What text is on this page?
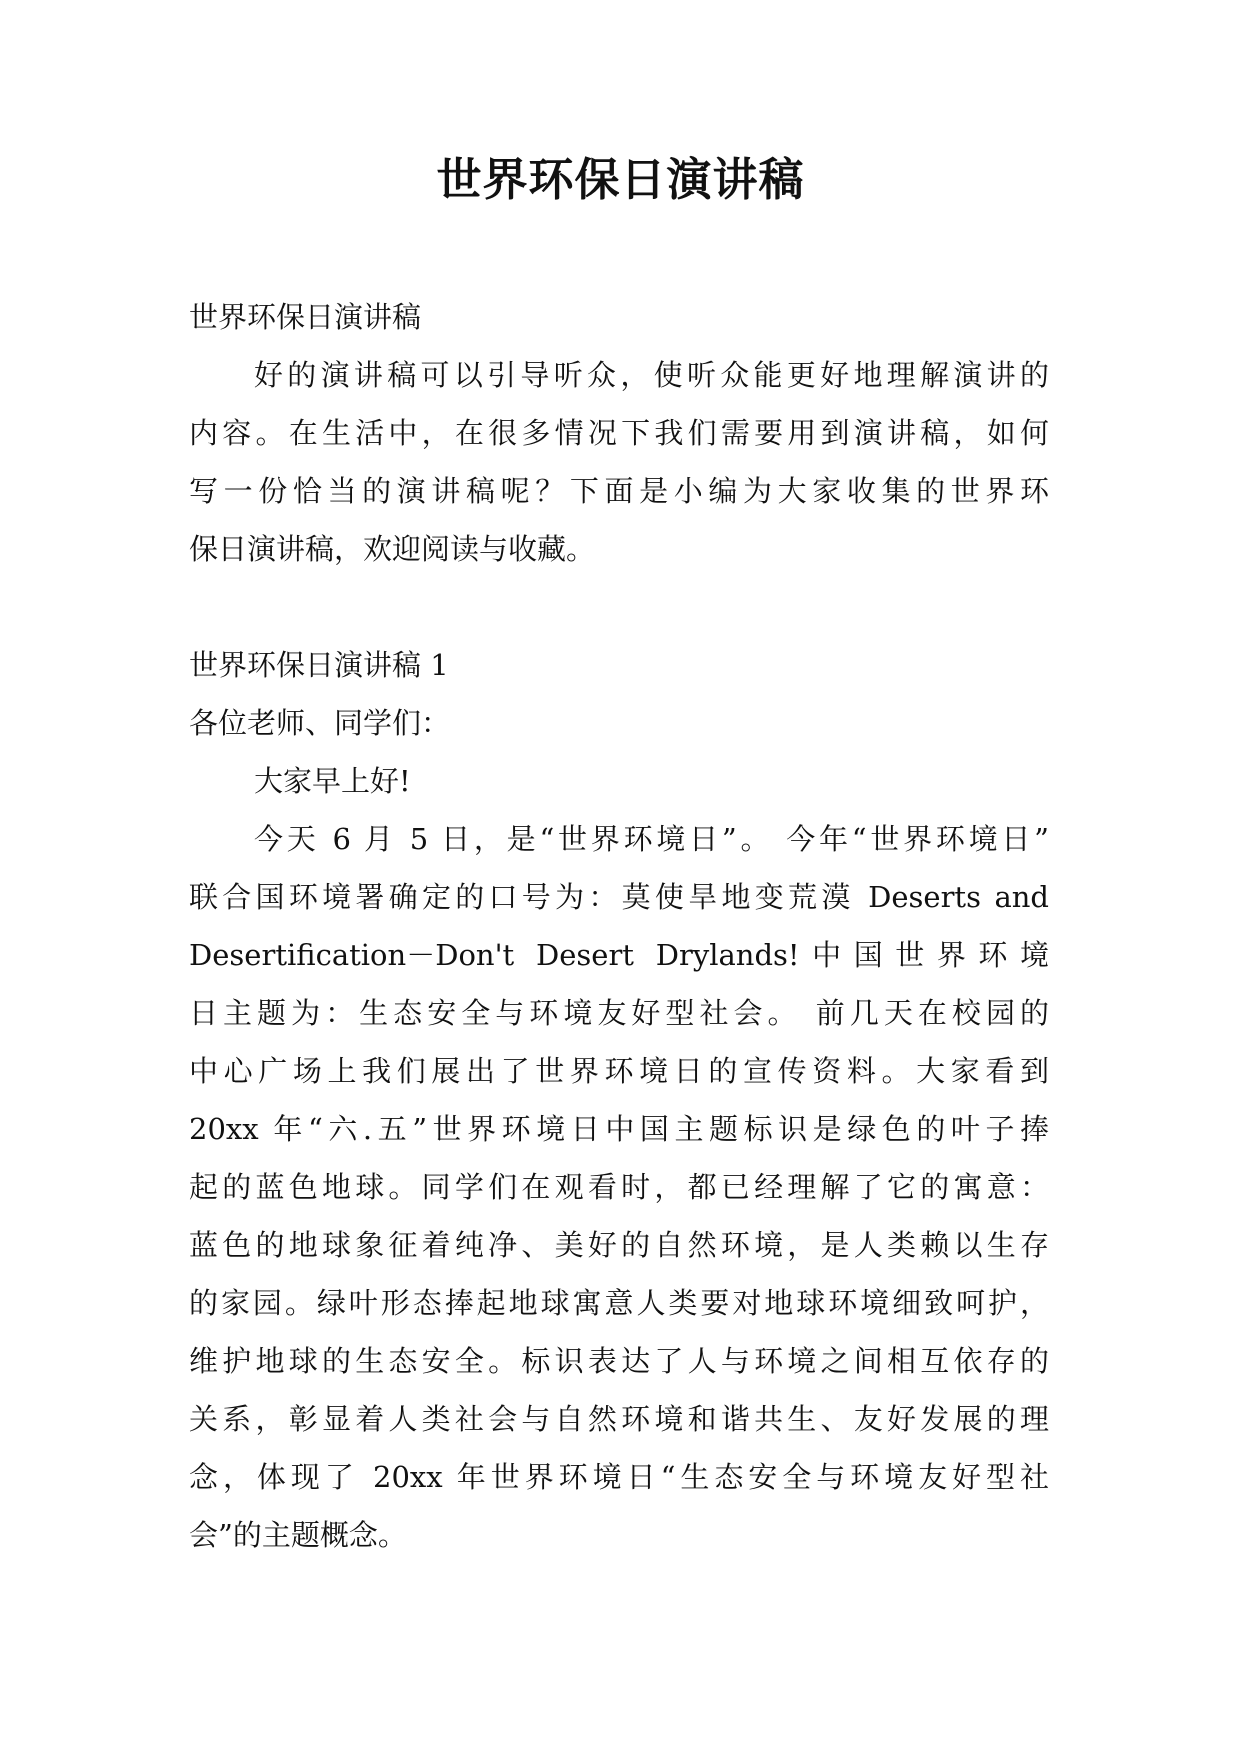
世界环保日演讲稿
世界环保日演讲稿
好的演讲稿可以引导听众，使听众能更好地理解演讲的
内容。在生活中，在很多情况下我们需要用到演讲稿，如何
写一份恰当的演讲稿呢？下面是小编为大家收集的世界环
保日演讲稿，欢迎阅读与收藏。
世界环保日演讲稿 1
各位老师、同学们：
大家早上好!
今天 6 月 5 日，是“世界环境日”。 今年“世界环境日”
联合国环境署确定的口号为：莫使旱地变荒漠 Deserts and
Desertification－Don't Desert Drylands!中国世界环境
日主题为：生态安全与环境友好型社会。 前几天在校园的
中心广场上我们展出了世界环境日的宣传资料。大家看到
20xx 年“六.五”世界环境日中国主题标识是绿色的叶子捧
起的蓝色地球。同学们在观看时，都已经理解了它的寓意：
蓝色的地球象征着纯净、美好的自然环境，是人类赖以生存
的家园。绿叶形态捧起地球寓意人类要对地球环境细致呵护，
维护地球的生态安全。标识表达了人与环境之间相互依存的
关系，彰显着人类社会与自然环境和谐共生、友好发展的理
念，体现了 20xx 年世界环境日“生态安全与环境友好型社
会”的主题概念。
